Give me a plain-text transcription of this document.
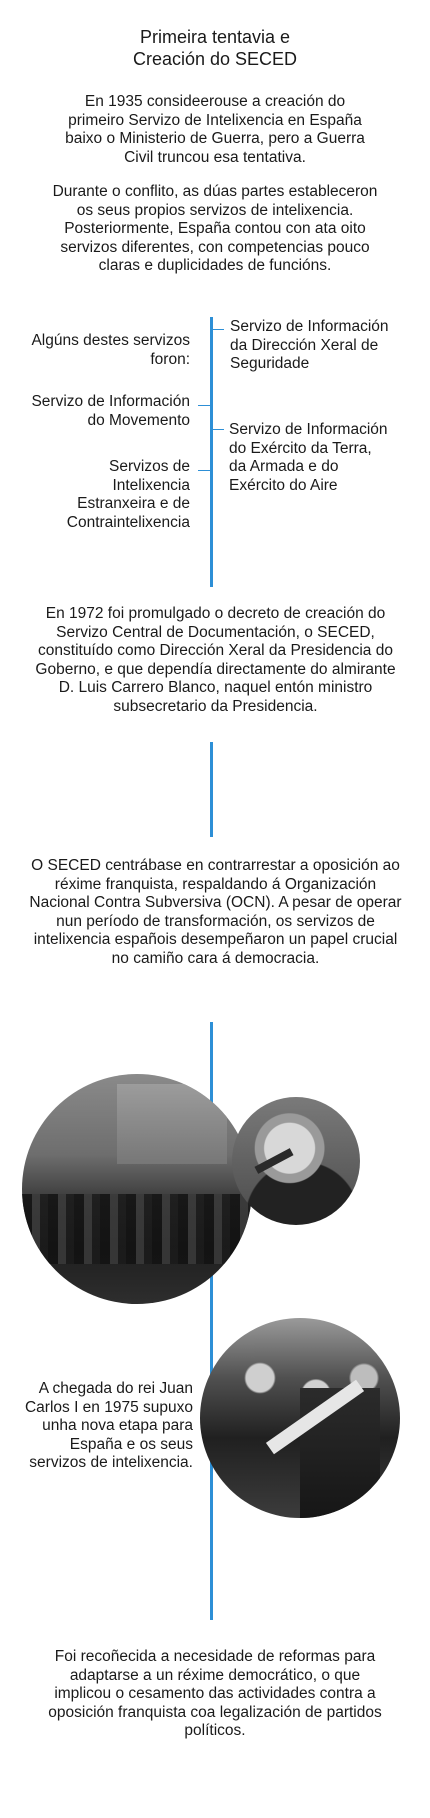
Primeira tentavia e
Creación do SECED
En 1935 consideerouse a creación do primeiro Servizo de Intelixencia en España baixo o Ministerio de Guerra, pero a Guerra Civil truncou esa tentativa.
Durante o conflito, as dúas partes estableceron os seus propios servizos de intelixencia. Posteriormente, España contou con ata oito servizos diferentes, con competencias pouco claras e duplicidades de funcións.
Algúns destes servizos foron:
Servizo de Información do Movemento
Servizos de Intelixencia Estranxeira e de Contraintelixencia
Servizo de Información da Dirección Xeral de Seguridade
Servizo de Información do Exército da Terra, da Armada e do Exército do Aire
En 1972 foi promulgado o decreto de creación do Servizo Central de Documentación, o SECED, constituído como Dirección Xeral da Presidencia do Goberno, e que dependía directamente do almirante D. Luis Carrero Blanco, naquel entón ministro subsecretario da Presidencia.
O SECED centrábase en contrarrestar a oposición ao réxime franquista, respaldando á Organización Nacional Contra Subversiva (OCN). A pesar de operar nun período de transformación, os servizos de intelixencia españois desempeñaron un papel crucial no camiño cara á democracia.
A chegada do rei Juan Carlos I en 1975 supuxo unha nova etapa para España e os seus servizos de intelixencia.
Foi recoñecida a necesidade de reformas para adaptarse a un réxime democrático, o que implicou o cesamento das actividades contra a oposición franquista coa legalización de partidos políticos.
